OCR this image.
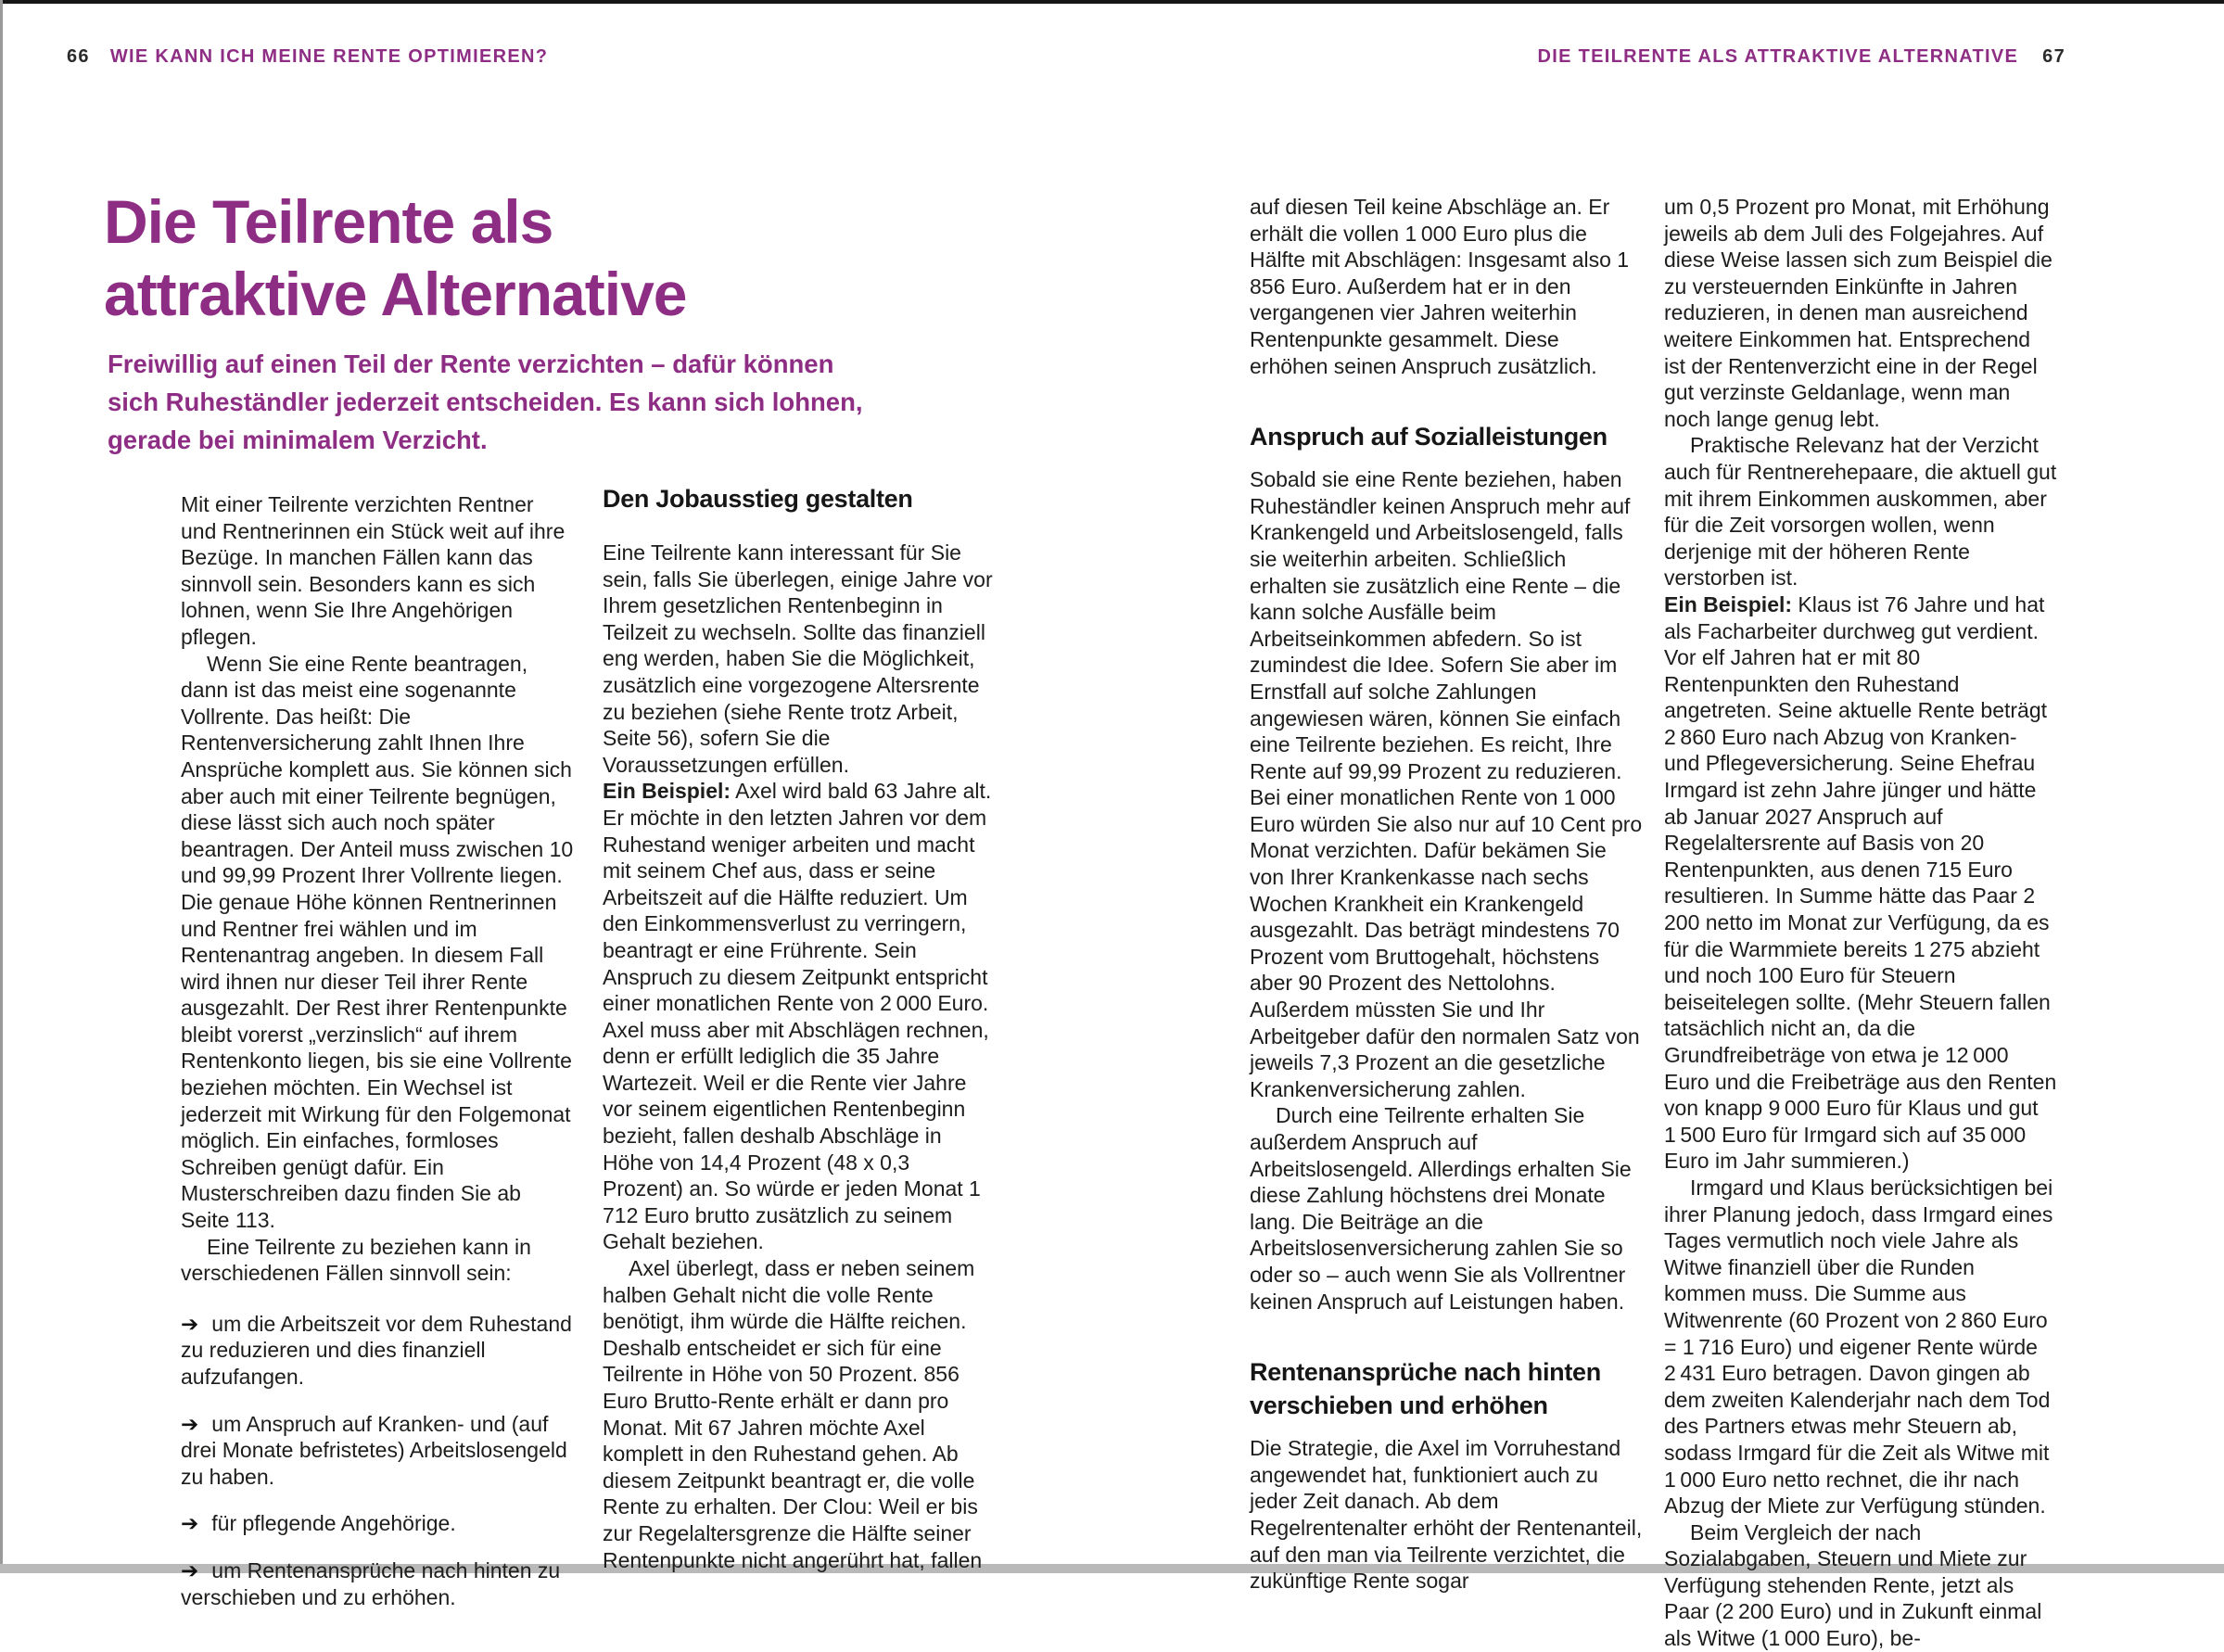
66 WIE KANN ICH MEINE RENTE OPTIMIEREN?	DIE TEILRENTE ALS ATTRAKTIVE ALTERNATIVE 67
Die Teilrente als
attraktive Alternative
Freiwillig auf einen Teil der Rente verzichten – dafür können
sich Ruheständler jederzeit entscheiden. Es kann sich lohnen,
gerade bei minimalem Verzicht.

Mit einer Teilrente verzichten Rentner und Rentnerinnen ein Stück weit auf ihre Bezüge. In manchen Fällen kann das sinnvoll sein. Besonders kann es sich lohnen, wenn Sie Ihre Angehörigen pflegen.

Wenn Sie eine Rente beantragen, dann ist das meist eine sogenannte Vollrente. Das heißt: Die Rentenversicherung zahlt Ihnen Ihre Ansprüche komplett aus. Sie können sich aber auch mit einer Teilrente begnügen, diese lässt sich auch noch später beantragen. Der Anteil muss zwischen 10 und 99,99 Prozent Ihrer Vollrente liegen. Die genaue Höhe können Rentnerinnen und Rentner frei wählen und im Rentenantrag angeben. In diesem Fall wird ihnen nur dieser Teil ihrer Rente ausgezahlt. Der Rest ihrer Rentenpunkte bleibt vorerst „verzinslich“ auf ihrem Rentenkonto liegen, bis sie eine Vollrente beziehen möchten. Ein Wechsel ist jederzeit mit Wirkung für den Folgemonat möglich. Ein einfaches, formloses Schreiben genügt dafür. Ein Musterschreiben dazu finden Sie ab Seite 113.

Eine Teilrente zu beziehen kann in verschiedenen Fällen sinnvoll sein:

➔ um die Arbeitszeit vor dem Ruhestand zu reduzieren und dies finanziell aufzufangen.
➔ um Anspruch auf Kranken- und (auf drei Monate befristetes) Arbeitslosengeld zu haben.
➔ für pflegende Angehörige.
➔ um Rentenansprüche nach hinten zu verschieben und zu erhöhen.
Den Jobausstieg gestalten

Eine Teilrente kann interessant für Sie sein, falls Sie überlegen, einige Jahre vor Ihrem gesetzlichen Rentenbeginn in Teilzeit zu wechseln. Sollte das finanziell eng werden, haben Sie die Möglichkeit, zusätzlich eine vorgezogene Altersrente zu beziehen (siehe Rente trotz Arbeit, Seite 56), sofern Sie die Voraussetzungen erfüllen.

Ein Beispiel: Axel wird bald 63 Jahre alt. Er möchte in den letzten Jahren vor dem Ruhestand weniger arbeiten und macht mit seinem Chef aus, dass er seine Arbeitszeit auf die Hälfte reduziert. Um den Einkommensverlust zu verringern, beantragt er eine Frührente. Sein Anspruch zu diesem Zeitpunkt entspricht einer monatlichen Rente von 2 000 Euro. Axel muss aber mit Abschlägen rechnen, denn er erfüllt lediglich die 35 Jahre Wartezeit. Weil er die Rente vier Jahre vor seinem eigentlichen Rentenbeginn bezieht, fallen deshalb Abschläge in Höhe von 14,4 Prozent (48 x 0,3 Prozent) an. So würde er jeden Monat 1 712 Euro brutto zusätzlich zu seinem Gehalt beziehen.

Axel überlegt, dass er neben seinem halben Gehalt nicht die volle Rente benötigt, ihm würde die Hälfte reichen. Deshalb entscheidet er sich für eine Teilrente in Höhe von 50 Prozent. 856 Euro Brutto-Rente erhält er dann pro Monat. Mit 67 Jahren möchte Axel komplett in den Ruhestand gehen. Ab diesem Zeitpunkt beantragt er, die volle Rente zu erhalten. Der Clou: Weil er bis zur Regelaltersgrenze die Hälfte seiner Rentenpunkte nicht angerührt hat, fallen

auf diesen Teil keine Abschläge an. Er erhält die vollen 1 000 Euro plus die Hälfte mit Abschlägen: Insgesamt also 1 856 Euro. Außerdem hat er in den vergangenen vier Jahren weiterhin Rentenpunkte gesammelt. Diese erhöhen seinen Anspruch zusätzlich.

Anspruch auf Sozialleistungen

Sobald sie eine Rente beziehen, haben Ruheständler keinen Anspruch mehr auf Krankengeld und Arbeitslosengeld, falls sie weiterhin arbeiten. Schließlich erhalten sie zusätzlich eine Rente – die kann solche Ausfälle beim Arbeitseinkommen abfedern. So ist zumindest die Idee. Sofern Sie aber im Ernstfall auf solche Zahlungen angewiesen wären, können Sie einfach eine Teilrente beziehen. Es reicht, Ihre Rente auf 99,99 Prozent zu reduzieren. Bei einer monatlichen Rente von 1 000 Euro würden Sie also nur auf 10 Cent pro Monat verzichten. Dafür bekämen Sie von Ihrer Krankenkasse nach sechs Wochen Krankheit ein Krankengeld ausgezahlt. Das beträgt mindestens 70 Prozent vom Bruttogehalt, höchstens aber 90 Prozent des Nettolohns. Außerdem müssten Sie und Ihr Arbeitgeber dafür den normalen Satz von jeweils 7,3 Prozent an die gesetzliche Krankenversicherung zahlen.

Durch eine Teilrente erhalten Sie außerdem Anspruch auf Arbeitslosengeld. Allerdings erhalten Sie diese Zahlung höchstens drei Monate lang. Die Beiträge an die Arbeitslosenversicherung zahlen Sie so oder so – auch wenn Sie als Vollrentner keinen Anspruch auf Leistungen haben.

Rentenansprüche nach hinten verschieben und erhöhen

Die Strategie, die Axel im Vorruhestand angewendet hat, funktioniert auch zu jeder Zeit danach. Ab dem Regelrentenalter erhöht der Rentenanteil, auf den man via Teilrente verzichtet, die zukünftige Rente sogar

um 0,5 Prozent pro Monat, mit Erhöhung jeweils ab dem Juli des Folgejahres. Auf diese Weise lassen sich zum Beispiel die zu versteuernden Einkünfte in Jahren reduzieren, in denen man ausreichend weitere Einkommen hat. Entsprechend ist der Rentenverzicht eine in der Regel gut verzinste Geldanlage, wenn man noch lange genug lebt.

Praktische Relevanz hat der Verzicht auch für Rentnerehepaare, die aktuell gut mit ihrem Einkommen auskommen, aber für die Zeit vorsorgen wollen, wenn derjenige mit der höheren Rente verstorben ist.

Ein Beispiel: Klaus ist 76 Jahre und hat als Facharbeiter durchweg gut verdient. Vor elf Jahren hat er mit 80 Rentenpunkten den Ruhestand angetreten. Seine aktuelle Rente beträgt 2 860 Euro nach Abzug von Kranken- und Pflegeversicherung. Seine Ehefrau Irmgard ist zehn Jahre jünger und hätte ab Januar 2027 Anspruch auf Regelaltersrente auf Basis von 20 Rentenpunkten, aus denen 715 Euro resultieren. In Summe hätte das Paar 2 200 netto im Monat zur Verfügung, da es für die Warmmiete bereits 1 275 abzieht und noch 100 Euro für Steuern beiseitelegen sollte. (Mehr Steuern fallen tatsächlich nicht an, da die Grundfreibeträge von etwa je 12 000 Euro und die Freibeträge aus den Renten von knapp 9 000 Euro für Klaus und gut 1 500 Euro für Irmgard sich auf 35 000 Euro im Jahr summieren.)

Irmgard und Klaus berücksichtigen bei ihrer Planung jedoch, dass Irmgard eines Tages vermutlich noch viele Jahre als Witwe finanziell über die Runden kommen muss. Die Summe aus Witwenrente (60 Prozent von 2 860 Euro = 1 716 Euro) und eigener Rente würde 2 431 Euro betragen. Davon gingen ab dem zweiten Kalenderjahr nach dem Tod des Partners etwas mehr Steuern ab, sodass Irmgard für die Zeit als Witwe mit 1 000 Euro netto rechnet, die ihr nach Abzug der Miete zur Verfügung stünden.

Beim Vergleich der nach Sozialabgaben, Steuern und Miete zur Verfügung stehenden Rente, jetzt als Paar (2 200 Euro) und in Zukunft einmal als Witwe (1 000 Euro), be-
